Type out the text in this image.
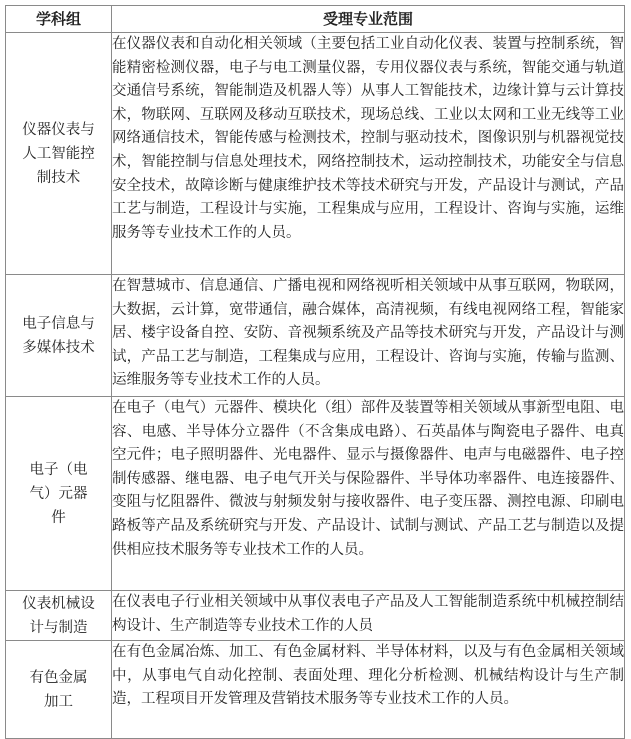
学科组	受理专业范围
仪器仪表与人工智能控制技术	在仪器仪表和自动化相关领域（主要包括工业自动化仪表、装置与控制系统，智能精密检测仪器，电子与电工测量仪器，专用仪器仪表与系统，智能交通与轨道交通信号系统，智能制造及机器人等）从事人工智能技术，边缘计算与云计算技术，物联网、互联网及移动互联技术，现场总线、工业以太网和工业无线等工业网络通信技术，智能传感与检测技术，控制与驱动技术，图像识别与机器视觉技术，智能控制与信息处理技术，网络控制技术，运动控制技术，功能安全与信息安全技术，故障诊断与健康维护技术等技术研究与开发，产品设计与测试，产品工艺与制造，工程设计与实施，工程集成与应用，工程设计、咨询与实施，运维服务等专业技术工作的人员。
电子信息与多媒体技术	在智慧城市、信息通信、广播电视和网络视听相关领域中从事互联网，物联网，大数据，云计算，宽带通信，融合媒体，高清视频，有线电视网络工程，智能家居、楼宇设备自控、安防、音视频系统及产品等技术研究与开发，产品设计与测试，产品工艺与制造，工程集成与应用，工程设计、咨询与实施，传输与监测、运维服务等专业技术工作的人员。
电子（电气）元器件	在电子（电气）元器件、模块化（组）部件及装置等相关领域从事新型电阻、电容、电感、半导体分立器件（不含集成电路）、石英晶体与陶瓷电子器件、电真空元件；电子照明器件、光电器件、显示与摄像器件、电声与电磁器件、电子控制传感器、继电器、电子电气开关与保险器件、半导体功率器件、电连接器件、变阻与忆阻器件、微波与射频发射与接收器件、电子变压器、测控电源、印刷电路板等产品及系统研究与开发、产品设计、试制与测试、产品工艺与制造以及提供相应技术服务等专业技术工作的人员。
仪表机械设计与制造	在仪表电子行业相关领域中从事仪表电子产品及人工智能制造系统中机械控制结构设计、生产制造等专业技术工作的人员
有色金属加工	在有色金属冶炼、加工、有色金属材料、半导体材料，以及与有色金属相关领域中，从事电气自动化控制、表面处理、理化分析检测、机械结构设计与生产制造，工程项目开发管理及营销技术服务等专业技术工作的人员。
